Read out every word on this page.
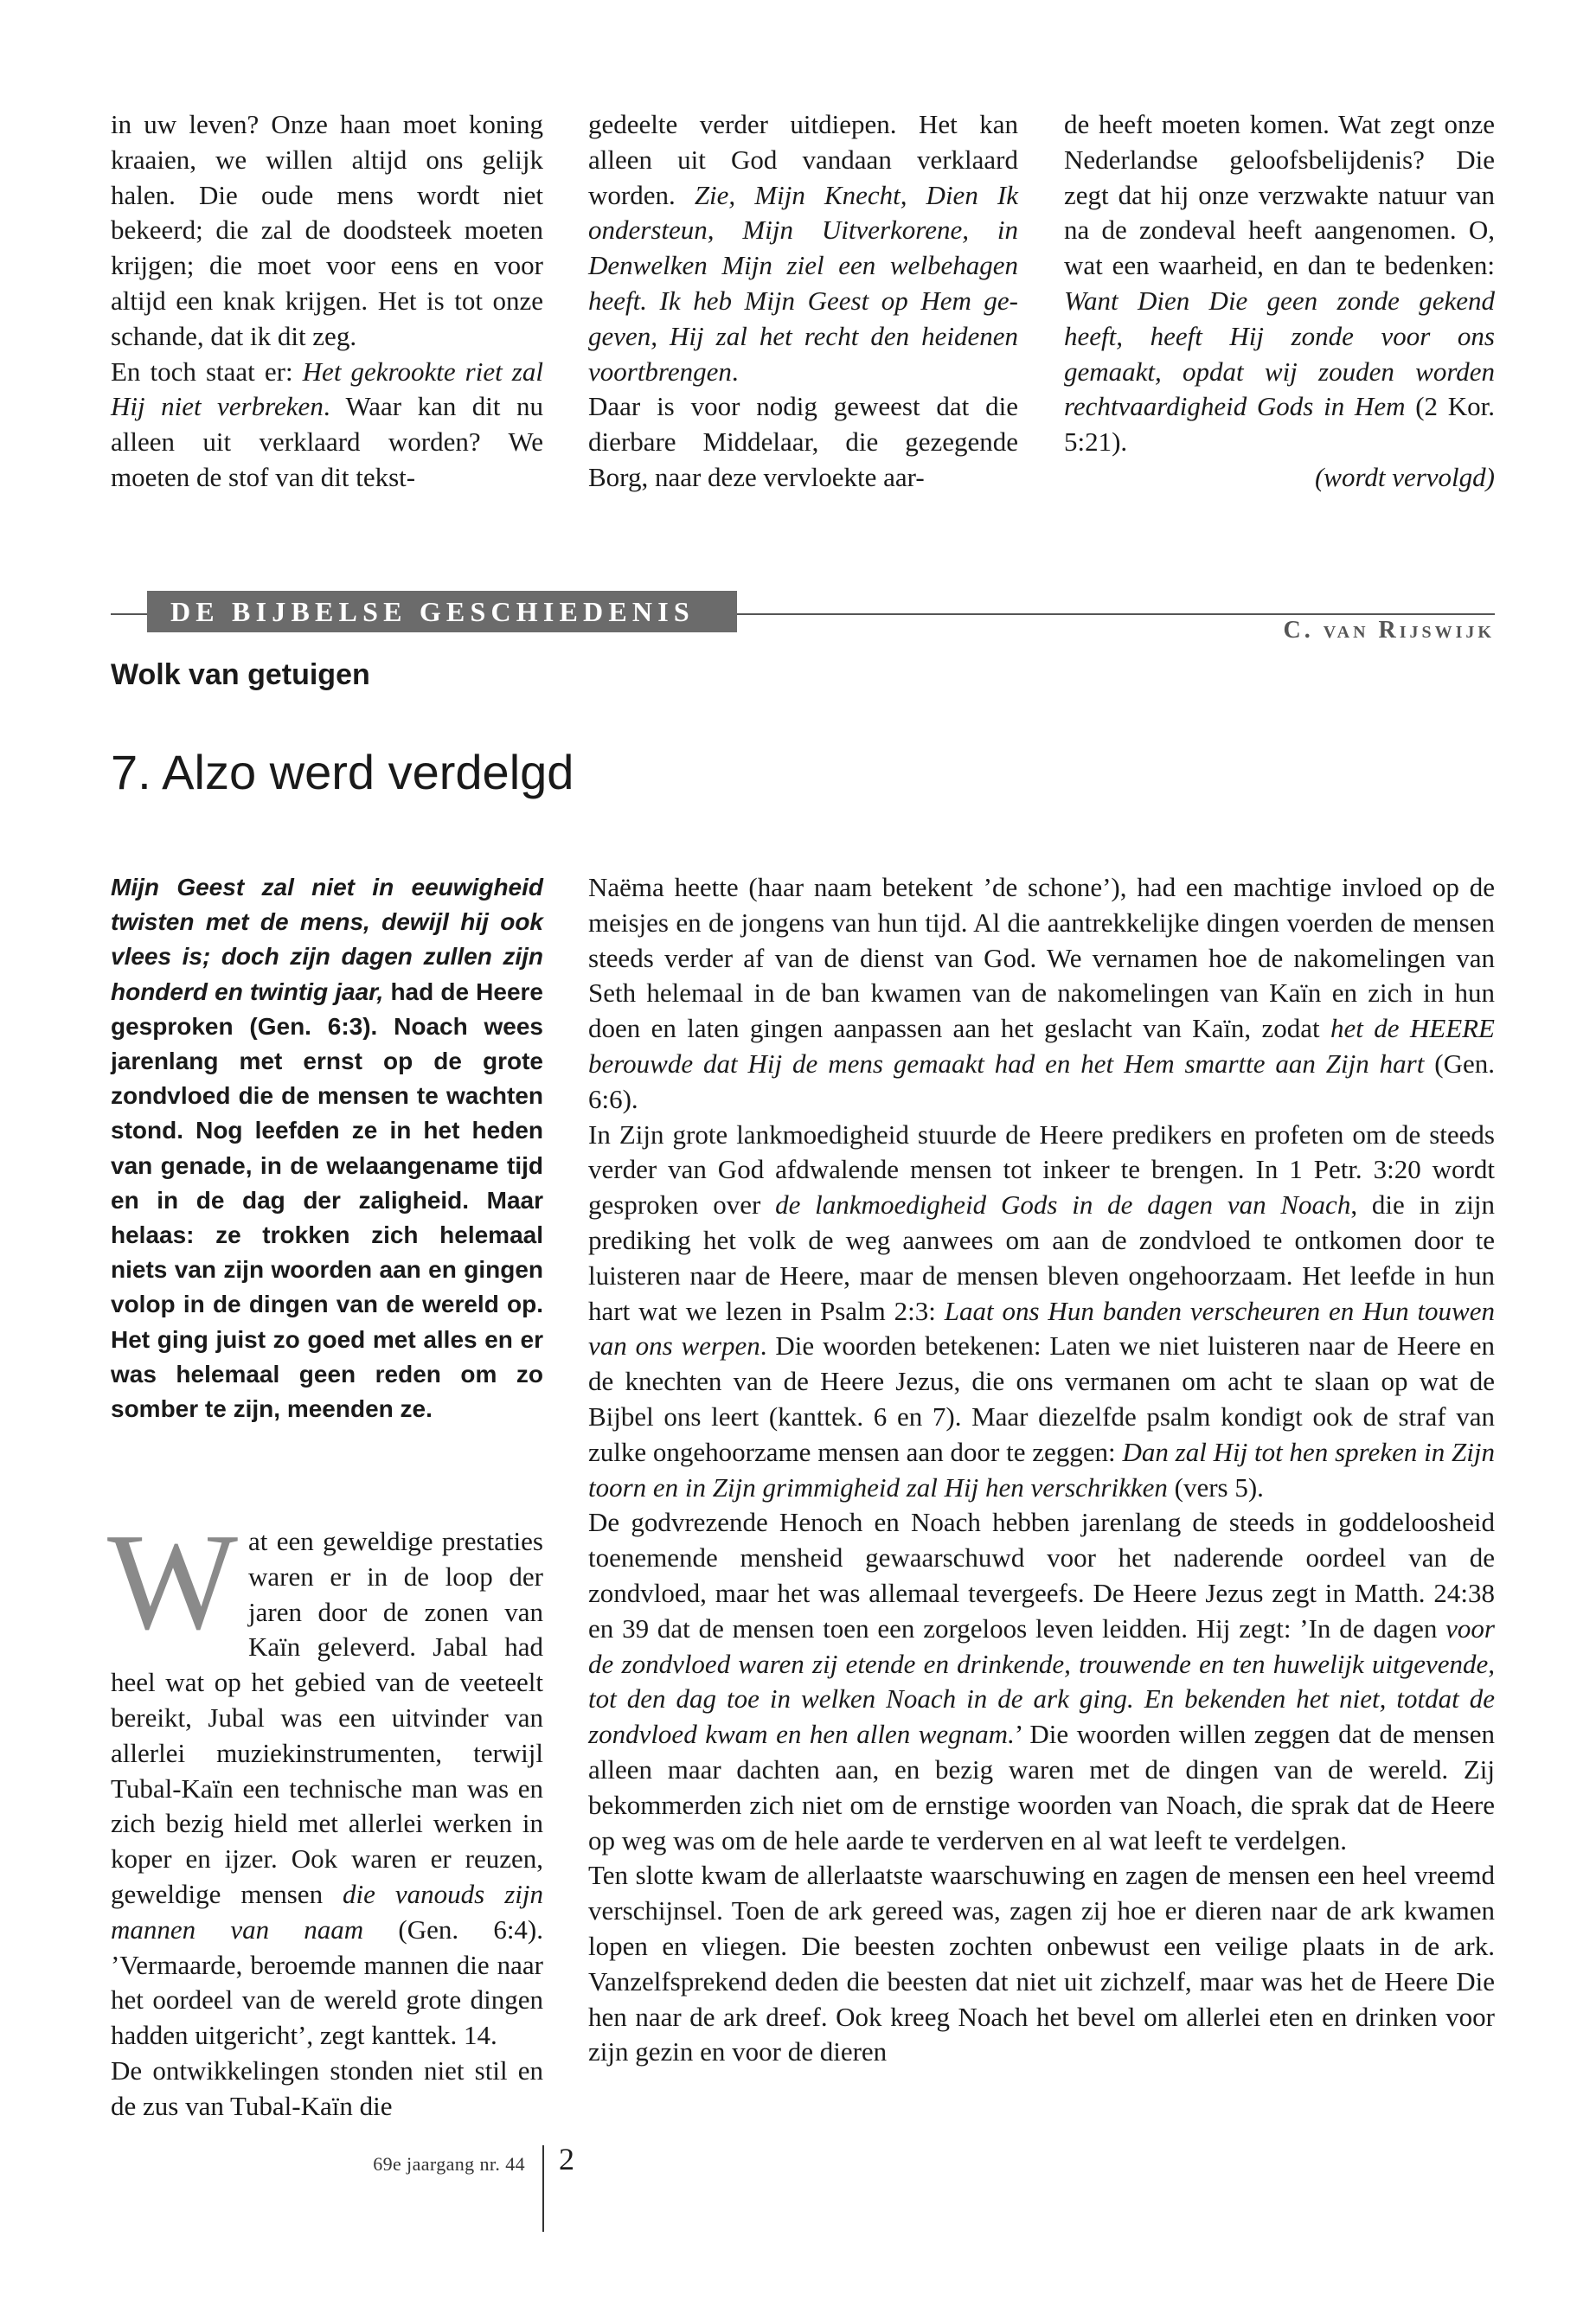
in uw leven? Onze haan moet koning kraaien, we willen altijd ons gelijk halen. Die oude mens wordt niet bekeerd; die zal de doodsteek moeten krijgen; die moet voor eens en voor altijd een knak krijgen. Het is tot onze schande, dat ik dit zeg.

En toch staat er: Het gekrookte riet zal Hij niet verbreken. Waar kan dit nu alleen uit verklaard worden? We moeten de stof van dit tekst-

gedeelte verder uitdiepen. Het kan alleen uit God vandaan verklaard worden. Zie, Mijn Knecht, Dien Ik ondersteun, Mijn Uitverkorene, in Denwelken Mijn ziel een welbehagen heeft. Ik heb Mijn Geest op Hem gegeven, Hij zal het recht den heidenen voortbrengen.

Daar is voor nodig geweest dat die dierbare Middelaar, die gezegende Borg, naar deze vervloekte aar-

de heeft moeten komen. Wat zegt onze Nederlandse geloofsbelijdenis? Die zegt dat hij onze verzwakte natuur van na de zondeval heeft aangenomen. O, wat een waarheid, en dan te bedenken: Want Dien Die geen zonde gekend heeft, heeft Hij zonde voor ons gemaakt, opdat wij zouden worden rechtvaardigheid Gods in Hem (2 Kor. 5:21).

(wordt vervolgd)

DE BIJBELSE GESCHIEDENIS
C. van Rijswijk
Wolk van getuigen
7. Alzo werd verdelgd
Mijn Geest zal niet in eeuwigheid twisten met de mens, dewijl hij ook vlees is; doch zijn dagen zullen zijn honderd en twintig jaar, had de Heere gesproken (Gen. 6:3). Noach wees jarenlang met ernst op de grote zondvloed die de mensen te wachten stond. Nog leefden ze in het heden van genade, in de welaangename tijd en in de dag der zaligheid. Maar helaas: ze trokken zich helemaal niets van zijn woorden aan en gingen volop in de dingen van de wereld op. Het ging juist zo goed met alles en er was helemaal geen reden om zo somber te zijn, meenden ze.

W at een geweldige prestaties waren er in de loop der jaren door de zonen van Kaïn geleverd. Jabal had heel wat op het gebied van de veeteelt bereikt, Jubal was een uitvinder van allerlei muziekinstrumenten, terwijl Tubal-Kaïn een technische man was en zich bezig hield met allerlei werken in koper en ijzer. Ook waren er reuzen, geweldige mensen die vanouds zijn mannen van naam (Gen. 6:4). ’Vermaarde, beroemde mannen die naar het oordeel van de wereld grote dingen hadden uitgericht’, zegt kanttek. 14.

De ontwikkelingen stonden niet stil en de zus van Tubal-Kaïn die

Naëma heette (haar naam betekent ’de schone’), had een machtige invloed op de meisjes en de jongens van hun tijd. Al die aantrekkelijke dingen voerden de mensen steeds verder af van de dienst van God. We vernamen hoe de nakomelingen van Seth helemaal in de ban kwamen van de nakomelingen van Kaïn en zich in hun doen en laten gingen aanpassen aan het geslacht van Kaïn, zodat het de HEERE berouwde dat Hij de mens gemaakt had en het Hem smartte aan Zijn hart (Gen. 6:6).

In Zijn grote lankmoedigheid stuurde de Heere predikers en profeten om de steeds verder van God afdwalende mensen tot inkeer te brengen. In 1 Petr. 3:20 wordt gesproken over de lankmoedigheid Gods in de dagen van Noach, die in zijn prediking het volk de weg aanwees om aan de zondvloed te ontkomen door te luisteren naar de Heere, maar de mensen bleven ongehoorzaam. Het leefde in hun hart wat we lezen in Psalm 2:3: Laat ons Hun banden verscheuren en Hun touwen van ons werpen. Die woorden betekenen: Laten we niet luisteren naar de Heere en de knechten van de Heere Jezus, die ons vermanen om acht te slaan op wat de Bijbel ons leert (kanttek. 6 en 7). Maar diezelfde psalm kondigt ook de straf van zulke ongehoorzame mensen aan door te zeggen: Dan zal Hij tot hen spreken in Zijn toorn en in Zijn grimmigheid zal Hij hen verschrikken (vers 5).

De godvrezende Henoch en Noach hebben jarenlang de steeds in goddeloosheid toenemende mensheid gewaarschuwd voor het naderende oordeel van de zondvloed, maar het was allemaal tevergeefs. De Heere Jezus zegt in Matth. 24:38 en 39 dat de mensen toen een zorgeloos leven leidden. Hij zegt: ’In de dagen voor de zondvloed waren zij etende en drinkende, trouwende en ten huwelijk uitgevende, tot den dag toe in welken Noach in de ark ging. En bekenden het niet, totdat de zondvloed kwam en hen allen wegnam.’ Die woorden willen zeggen dat de mensen alleen maar dachten aan, en bezig waren met de dingen van de wereld. Zij bekommerden zich niet om de ernstige woorden van Noach, die sprak dat de Heere op weg was om de hele aarde te verderven en al wat leeft te verdelgen.

Ten slotte kwam de allerlaatste waarschuwing en zagen de mensen een heel vreemd verschijnsel. Toen de ark gereed was, zagen zij hoe er dieren naar de ark kwamen lopen en vliegen. Die beesten zochten onbewust een veilige plaats in de ark. Vanzelfsprekend deden die beesten dat niet uit zichzelf, maar was het de Heere Die hen naar de ark dreef. Ook kreeg Noach het bevel om allerlei eten en drinken voor zijn gezin en voor de dieren

69e jaargang nr. 44 2
